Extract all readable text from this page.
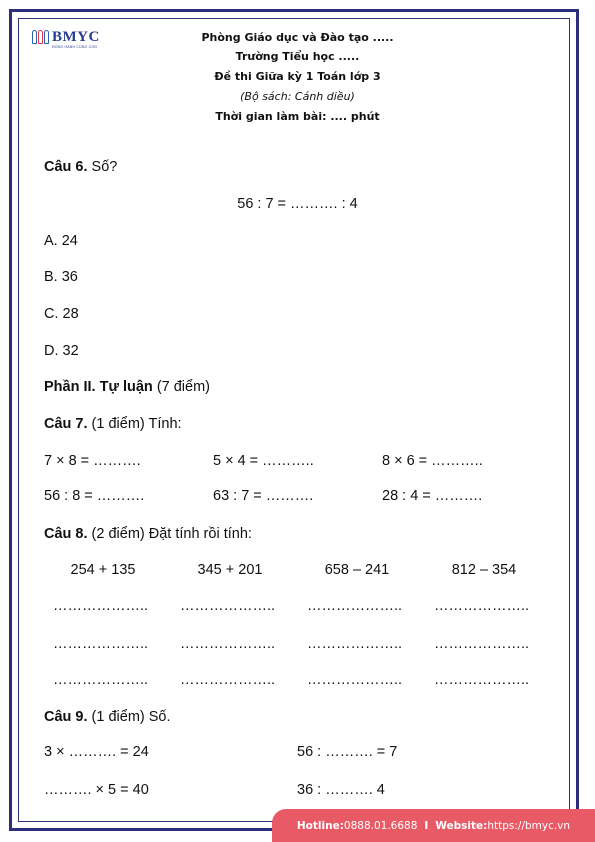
BMYC
ĐỒNG HÀNH CÙNG CON
Phòng Giáo dục và Đào tạo .....
Trường Tiểu học .....
Đề thi Giữa kỳ 1 Toán lớp 3
(Bộ sách: Cánh diều)
Thời gian làm bài: .... phút
Câu 6. Số?
56 : 7 = ………. : 4
A. 24
B. 36
C. 28
D. 32
Phần II. Tự luận (7 điểm)
Câu 7. (1 điểm) Tính:
7 × 8 = ……….	5 × 4 = ………..	8 × 6 = ………..
56 : 8 = ……….	63 : 7 = ……….	28 : 4 = ……….
Câu 8. (2 điểm) Đặt tính rồi tính:
254 + 135	345 + 201	658 – 241	812 – 354
……………….. ……………….. ……………….. ………………..
……………….. ……………….. ……………….. ………………..
……………….. ……………….. ……………….. ………………..
Câu 9. (1 điểm) Số.
3 × ………. = 24	56 : ………. = 7
………. × 5 = 40	36 : ………. 4
Hotline: 0888.01.6688 I Website: https://bmyc.vn
